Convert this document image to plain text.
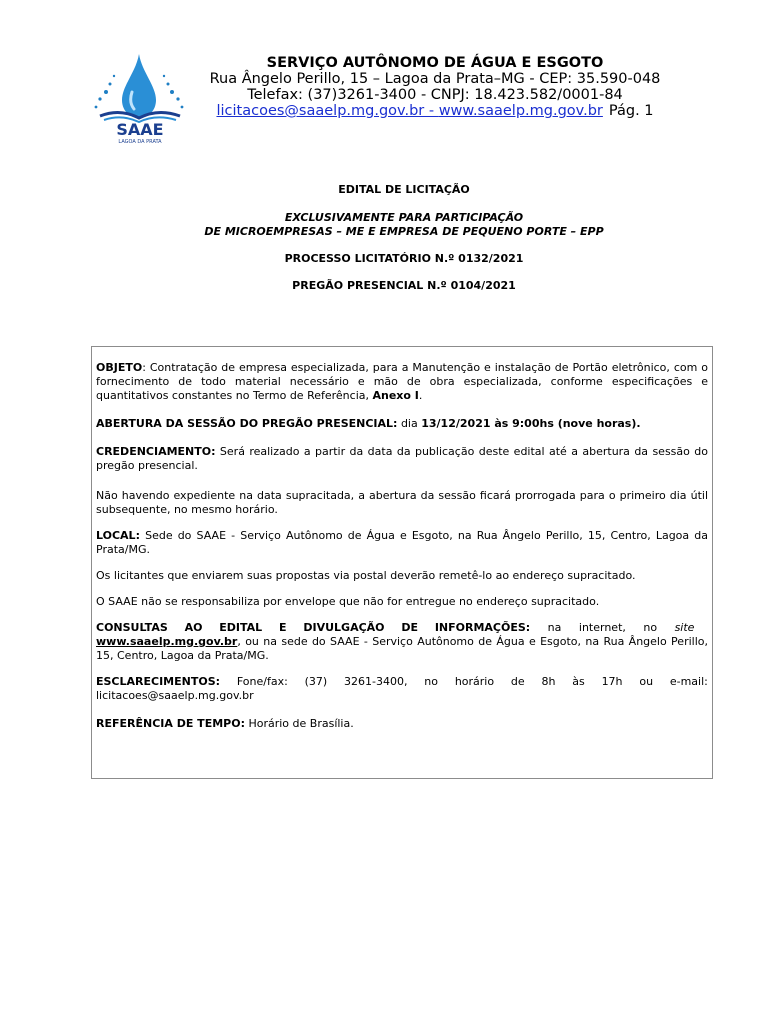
SAAE
LAGOA DA PRATA
SERVIÇO AUTÔNOMO DE ÁGUA E ESGOTO
Rua Ângelo Perillo, 15 – Lagoa da Prata–MG - CEP: 35.590-048
Telefax: (37)3261-3400 - CNPJ: 18.423.582/0001-84
licitacoes@saaelp.mg.gov.br - www.saaelp.mg.gov.br Pág. 1

EDITAL DE LICITAÇÃO

EXCLUSIVAMENTE PARA PARTICIPAÇÃO

DE MICROEMPRESAS – ME E EMPRESA DE PEQUENO PORTE – EPP

PROCESSO LICITATÓRIO N.º 0132/2021

PREGÃO PRESENCIAL N.º 0104/2021

OBJETO: Contratação de empresa especializada, para a Manutenção e instalação de Portão eletrônico, com o fornecimento de todo material necessário e mão de obra especializada, conforme especificações e quantitativos constantes no Termo de Referência, Anexo I.

ABERTURA DA SESSÃO DO PREGÃO PRESENCIAL: dia 13/12/2021 às 9:00hs (nove horas).

CREDENCIAMENTO: Será realizado a partir da data da publicação deste edital até a abertura da sessão do pregão presencial.

Não havendo expediente na data supracitada, a abertura da sessão ficará prorrogada para o primeiro dia útil subsequente, no mesmo horário.

LOCAL: Sede do SAAE - Serviço Autônomo de Água e Esgoto, na Rua Ângelo Perillo, 15, Centro, Lagoa da Prata/MG.

Os licitantes que enviarem suas propostas via postal deverão remetê-lo ao endereço supracitado.

O SAAE não se responsabiliza por envelope que não for entregue no endereço supracitado.

CONSULTAS AO EDITAL E DIVULGAÇÃO DE INFORMAÇÕES: na internet, no site
www.saaelp.mg.gov.br, ou na sede do SAAE - Serviço Autônomo de Água e Esgoto, na Rua Ângelo Perillo, 15, Centro, Lagoa da Prata/MG.

ESCLARECIMENTOS: Fone/fax: (37) 3261-3400, no horário de 8h às 17h ou e-mail:
licitacoes@saaelp.mg.gov.br

REFERÊNCIA DE TEMPO: Horário de Brasília.
